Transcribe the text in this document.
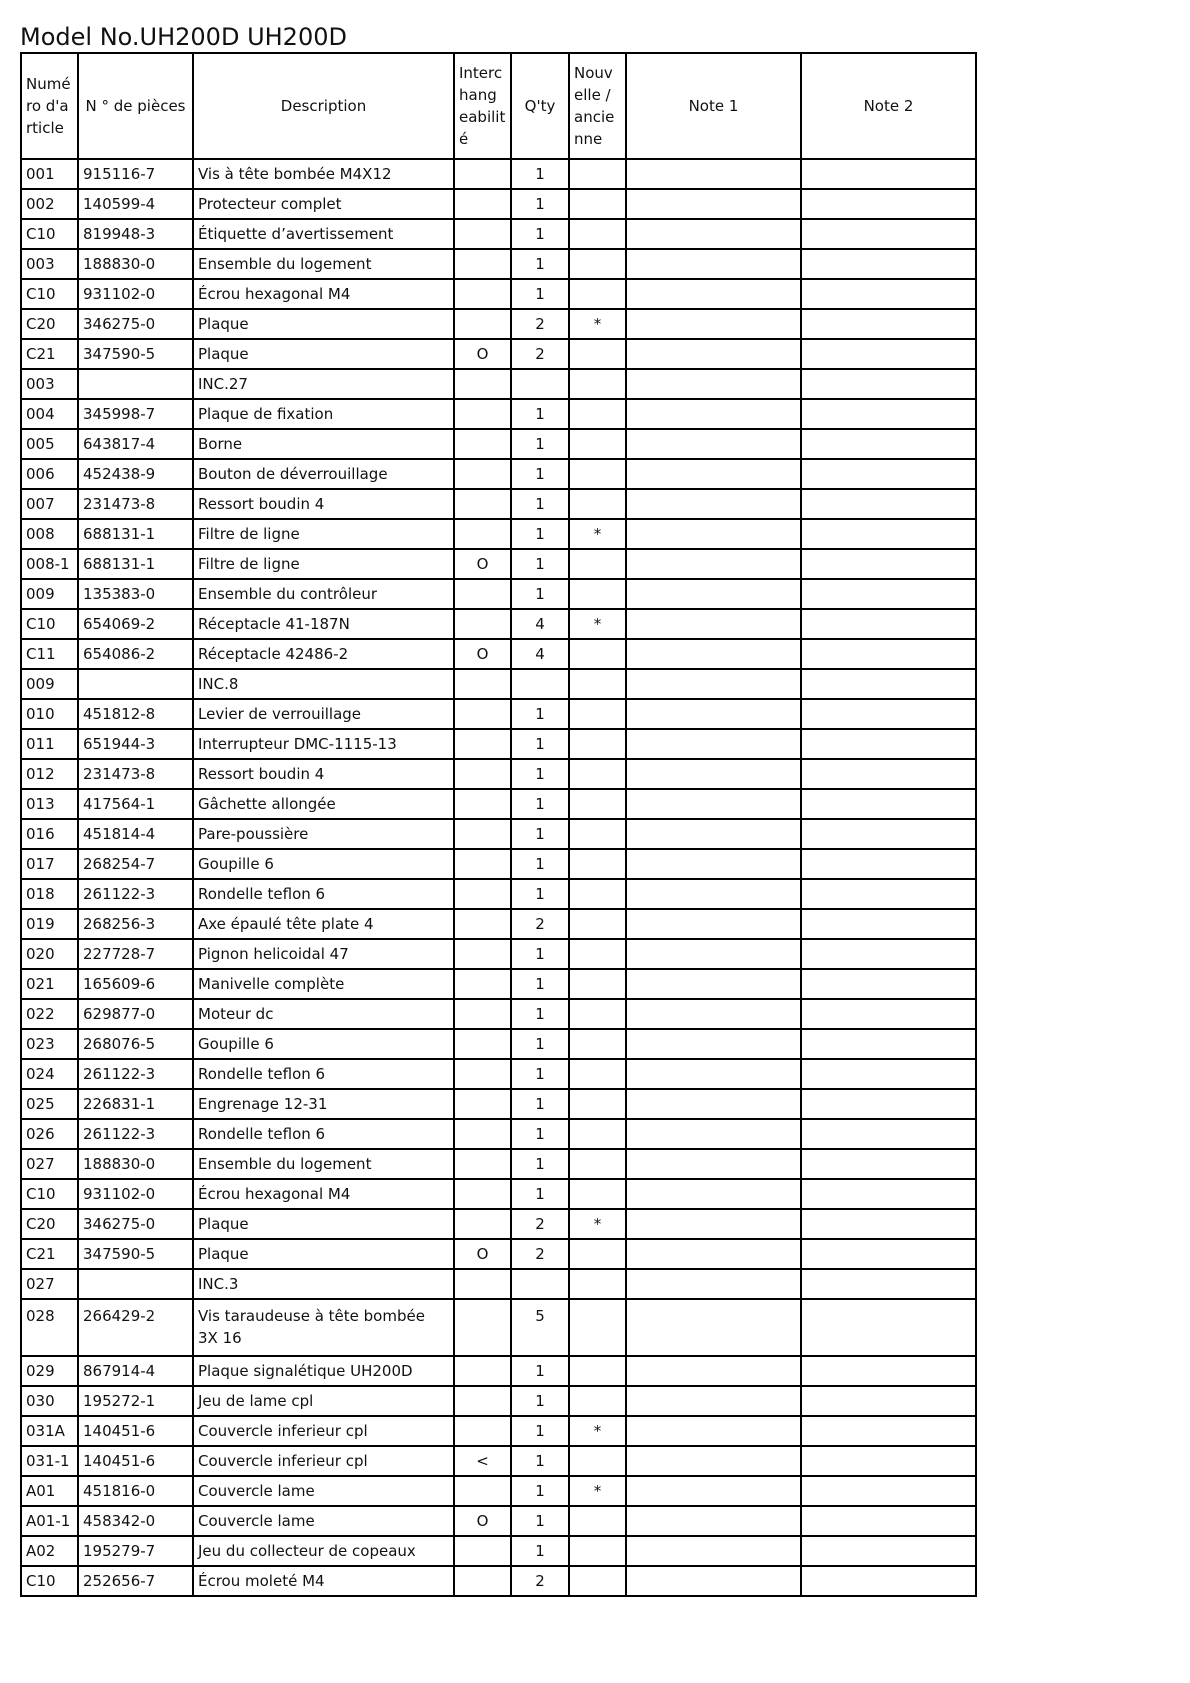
Model No.UH200D UH200D
Numé ro d'a rticle	N ° de pièces	Description	Interc hang eabilit é	Q'ty	Nouv elle / ancie nne	Note 1	Note 2
001	915116-7	Vis à tête bombée M4X12		1			
002	140599-4	Protecteur complet		1			
C10	819948-3	Étiquette d’avertissement		1			
003	188830-0	Ensemble du logement		1			
C10	931102-0	Écrou hexagonal M4		1			
C20	346275-0	Plaque		2	*		
C21	347590-5	Plaque	O	2			
003		INC.27					
004	345998-7	Plaque de fixation		1			
005	643817-4	Borne		1			
006	452438-9	Bouton de déverrouillage		1			
007	231473-8	Ressort boudin 4		1			
008	688131-1	Filtre de ligne		1	*		
008-1	688131-1	Filtre de ligne	O	1			
009	135383-0	Ensemble du contrôleur		1			
C10	654069-2	Réceptacle 41-187N		4	*		
C11	654086-2	Réceptacle 42486-2	O	4			
009		INC.8					
010	451812-8	Levier de verrouillage		1			
011	651944-3	Interrupteur DMC-1115-13		1			
012	231473-8	Ressort boudin 4		1			
013	417564-1	Gâchette allongée		1			
016	451814-4	Pare-poussière		1			
017	268254-7	Goupille 6		1			
018	261122-3	Rondelle teflon 6		1			
019	268256-3	Axe épaulé tête plate 4		2			
020	227728-7	Pignon helicoidal 47		1			
021	165609-6	Manivelle complète		1			
022	629877-0	Moteur dc		1			
023	268076-5	Goupille 6		1			
024	261122-3	Rondelle teflon 6		1			
025	226831-1	Engrenage 12-31		1			
026	261122-3	Rondelle teflon 6		1			
027	188830-0	Ensemble du logement		1			
C10	931102-0	Écrou hexagonal M4		1			
C20	346275-0	Plaque		2	*		
C21	347590-5	Plaque	O	2			
027		INC.3					
028	266429-2	Vis taraudeuse à tête bombée 3X 16		5			
029	867914-4	Plaque signalétique UH200D		1			
030	195272-1	Jeu de lame cpl		1			
031A	140451-6	Couvercle inferieur cpl		1	*		
031-1	140451-6	Couvercle inferieur cpl	<	1			
A01	451816-0	Couvercle lame		1	*		
A01-1	458342-0	Couvercle lame	O	1			
A02	195279-7	Jeu du collecteur de copeaux		1			
C10	252656-7	Écrou moleté M4		2			
